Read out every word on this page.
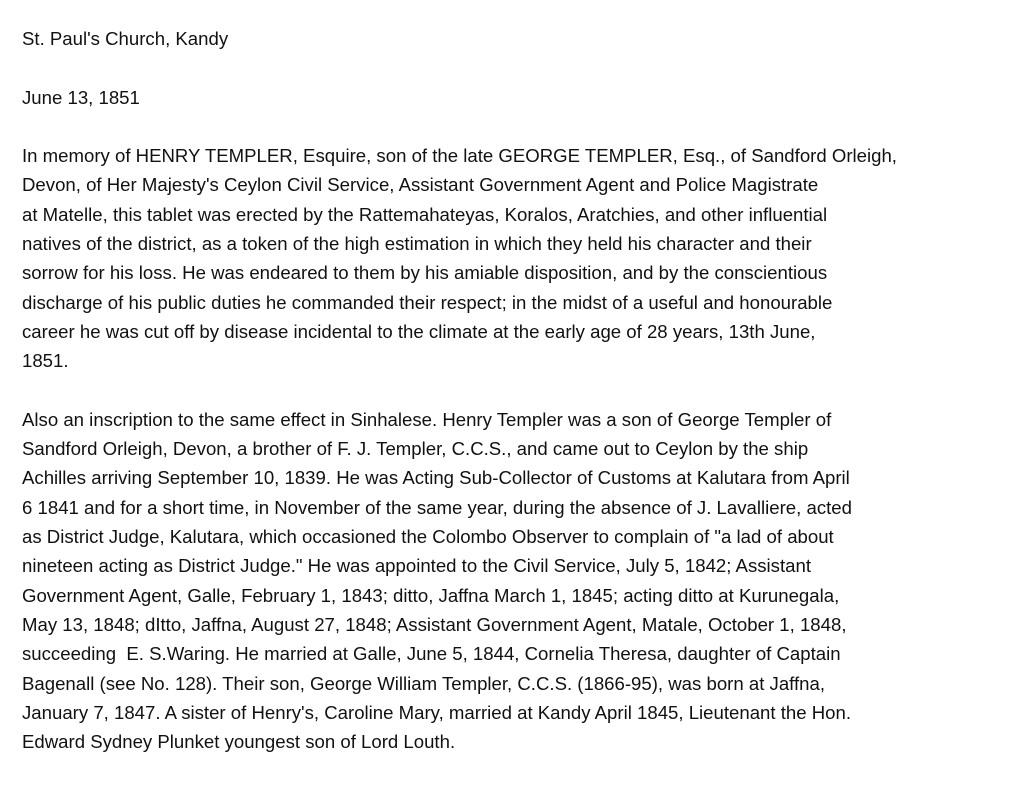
St. Paul's Church, Kandy
June 13, 1851
In memory of HENRY TEMPLER, Esquire, son of the late GEORGE TEMPLER, Esq., of Sandford Orleigh,
Devon, of Her Majesty's Ceylon Civil Service, Assistant Government Agent and Police Magistrate
at Matelle, this tablet was erected by the Rattemahateyas, Koralos, Aratchies, and other influential
natives of the district, as a token of the high estimation in which they held his character and their
sorrow for his loss. He was endeared to them by his amiable disposition, and by the conscientious
discharge of his public duties he commanded their respect; in the midst of a useful and honourable
career he was cut off by disease incidental to the climate at the early age of 28 years, 13th June,
1851.
Also an inscription to the same effect in Sinhalese. Henry Templer was a son of George Templer of
Sandford Orleigh, Devon, a brother of F. J. Templer, C.C.S., and came out to Ceylon by the ship
Achilles arriving September 10, 1839. He was Acting Sub-Collector of Customs at Kalutara from April
6 1841 and for a short time, in November of the same year, during the absence of J. Lavalliere, acted
as District Judge, Kalutara, which occasioned the Colombo Observer to complain of "a lad of about
nineteen acting as District Judge." He was appointed to the Civil Service, July 5, 1842; Assistant
Government Agent, Galle, February 1, 1843; ditto, Jaffna March 1, 1845; acting ditto at Kurunegala,
May 13, 1848; dItto, Jaffna, August 27, 1848; Assistant Government Agent, Matale, October 1, 1848,
succeeding  E. S.Waring. He married at Galle, June 5, 1844, Cornelia Theresa, daughter of Captain
Bagenall (see No. 128). Their son, George William Templer, C.C.S. (1866-95), was born at Jaffna,
January 7, 1847. A sister of Henry's, Caroline Mary, married at Kandy April 1845, Lieutenant the Hon.
Edward Sydney Plunket youngest son of Lord Louth.
